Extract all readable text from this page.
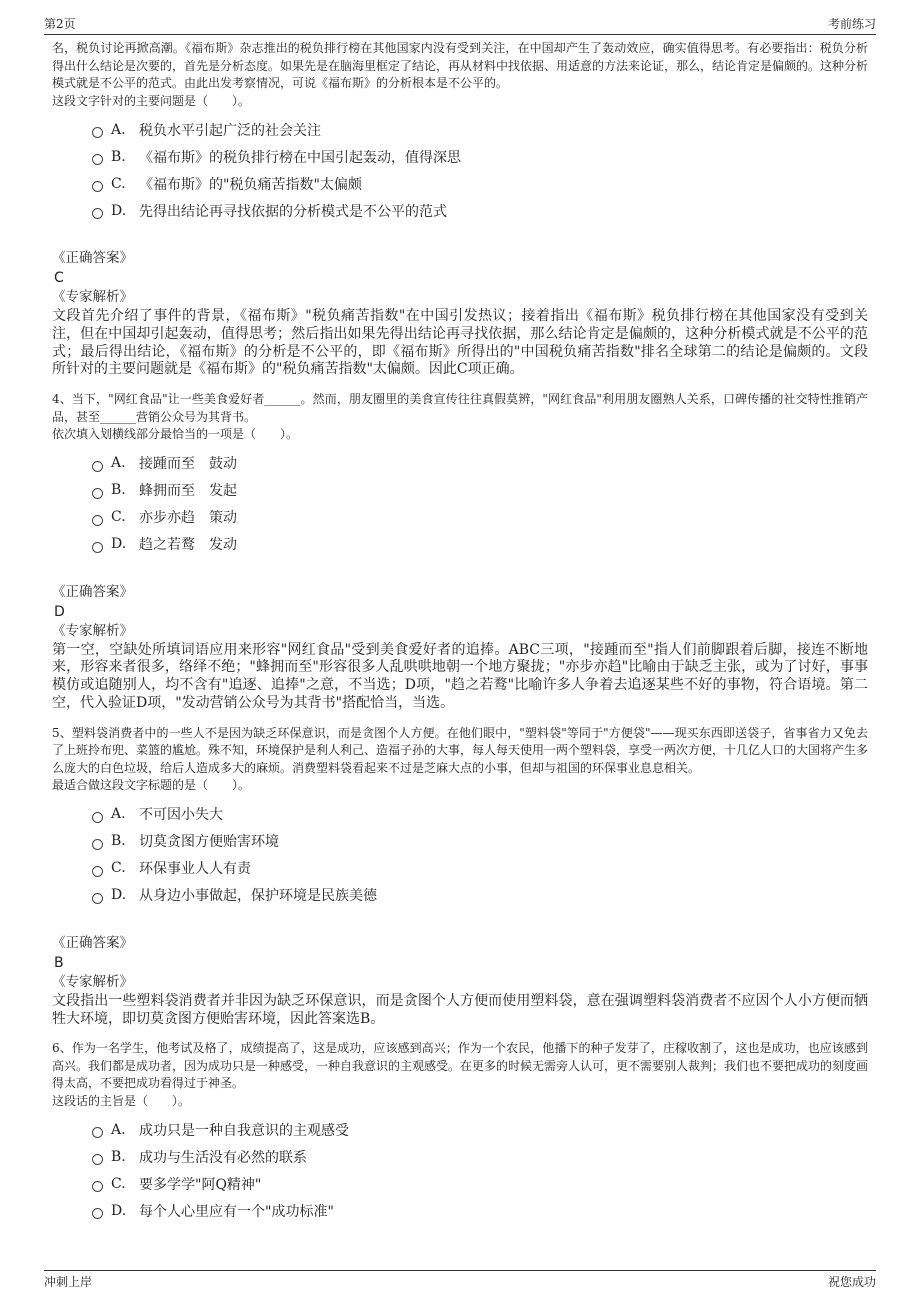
第2页	考前练习
zixin.com.cn
名，税负讨论再掀高潮。《福布斯》杂志推出的税负排行榜在其他国家内没有受到关注，在中国却产生了轰动效应，确实值得思考。有必要指出：税负分析得出什么结论是次要的，首先是分析态度。如果先是在脑海里框定了结论，再从材料中找依据、用适意的方法来论证，那么，结论肯定是偏颇的。这种分析模式就是不公平的范式。由此出发考察情况，可说《福布斯》的分析根本是不公平的。
这段文字针对的主要问题是（　　）。
A. 税负水平引起广泛的社会关注
B. 《福布斯》的税负排行榜在中国引起轰动，值得深思
C. 《福布斯》的"税负痛苦指数"太偏颇
D. 先得出结论再寻找依据的分析模式是不公平的范式
《正确答案》
C
《专家解析》
文段首先介绍了事件的背景，《福布斯》"税负痛苦指数"在中国引发热议；接着指出《福布斯》税负排行榜在其他国家没有受到关注，但在中国却引起轰动，值得思考；然后指出如果先得出结论再寻找依据，那么结论肯定是偏颇的，这种分析模式就是不公平的范式；最后得出结论，《福布斯》的分析是不公平的，即《福布斯》所得出的"中国税负痛苦指数"排名全球第二的结论是偏颇的。文段所针对的主要问题就是《福布斯》的"税负痛苦指数"太偏颇。因此C项正确。
4、当下，"网红食品"让一些美食爱好者______。然而，朋友圈里的美食宣传往往真假莫辨，"网红食品"利用朋友圈熟人关系，口碑传播的社交特性推销产品，甚至______营销公众号为其背书。
依次填入划横线部分最恰当的一项是（　　）。
A. 接踵而至　鼓动
B. 蜂拥而至　发起
C. 亦步亦趋　策动
D. 趋之若鹜　发动
《正确答案》
D
《专家解析》
第一空，空缺处所填词语应用来形容"网红食品"受到美食爱好者的追捧。ABC三项，"接踵而至"指人们前脚跟着后脚，接连不断地来，形容来者很多，络绎不绝；"蜂拥而至"形容很多人乱哄哄地朝一个地方聚拢；"亦步亦趋"比喻由于缺乏主张，或为了讨好，事事模仿或追随别人，均不含有"追逐、追捧"之意，不当选；D项，"趋之若鹜"比喻许多人争着去追逐某些不好的事物，符合语境。第二空，代入验证D项，"发动营销公众号为其背书"搭配恰当，当选。
5、塑料袋消费者中的一些人不是因为缺乏环保意识，而是贪图个人方便。在他们眼中，"塑料袋"等同于"方便袋"——现买东西即送袋子，省事省力又免去了上班拎布兜、菜篮的尴尬。殊不知，环境保护是利人利己、造福子孙的大事，每人每天使用一两个塑料袋，享受一两次方便，十几亿人口的大国将产生多么庞大的白色垃圾，给后人造成多大的麻烦。消费塑料袋看起来不过是芝麻大点的小事，但却与祖国的环保事业息息相关。
最适合做这段文字标题的是（　　）。
A. 不可因小失大
B. 切莫贪图方便贻害环境
C. 环保事业人人有责
D. 从身边小事做起，保护环境是民族美德
《正确答案》
B
《专家解析》
文段指出一些塑料袋消费者并非因为缺乏环保意识，而是贪图个人方便而使用塑料袋，意在强调塑料袋消费者不应因个人小方便而牺牲大环境，即切莫贪图方便贻害环境，因此答案选B。
6、作为一名学生，他考试及格了，成绩提高了，这是成功，应该感到高兴；作为一个农民，他播下的种子发芽了，庄稼收割了，这也是成功，也应该感到高兴。我们都是成功者，因为成功只是一种感受，一种自我意识的主观感受。在更多的时候无需旁人认可，更不需要别人裁判；我们也不要把成功的刻度画得太高，不要把成功看得过于神圣。
这段话的主旨是（　　）。
A. 成功只是一种自我意识的主观感受
B. 成功与生活没有必然的联系
C. 要多学学"阿Q精神"
D. 每个人心里应有一个"成功标准"
冲刺上岸	祝您成功
